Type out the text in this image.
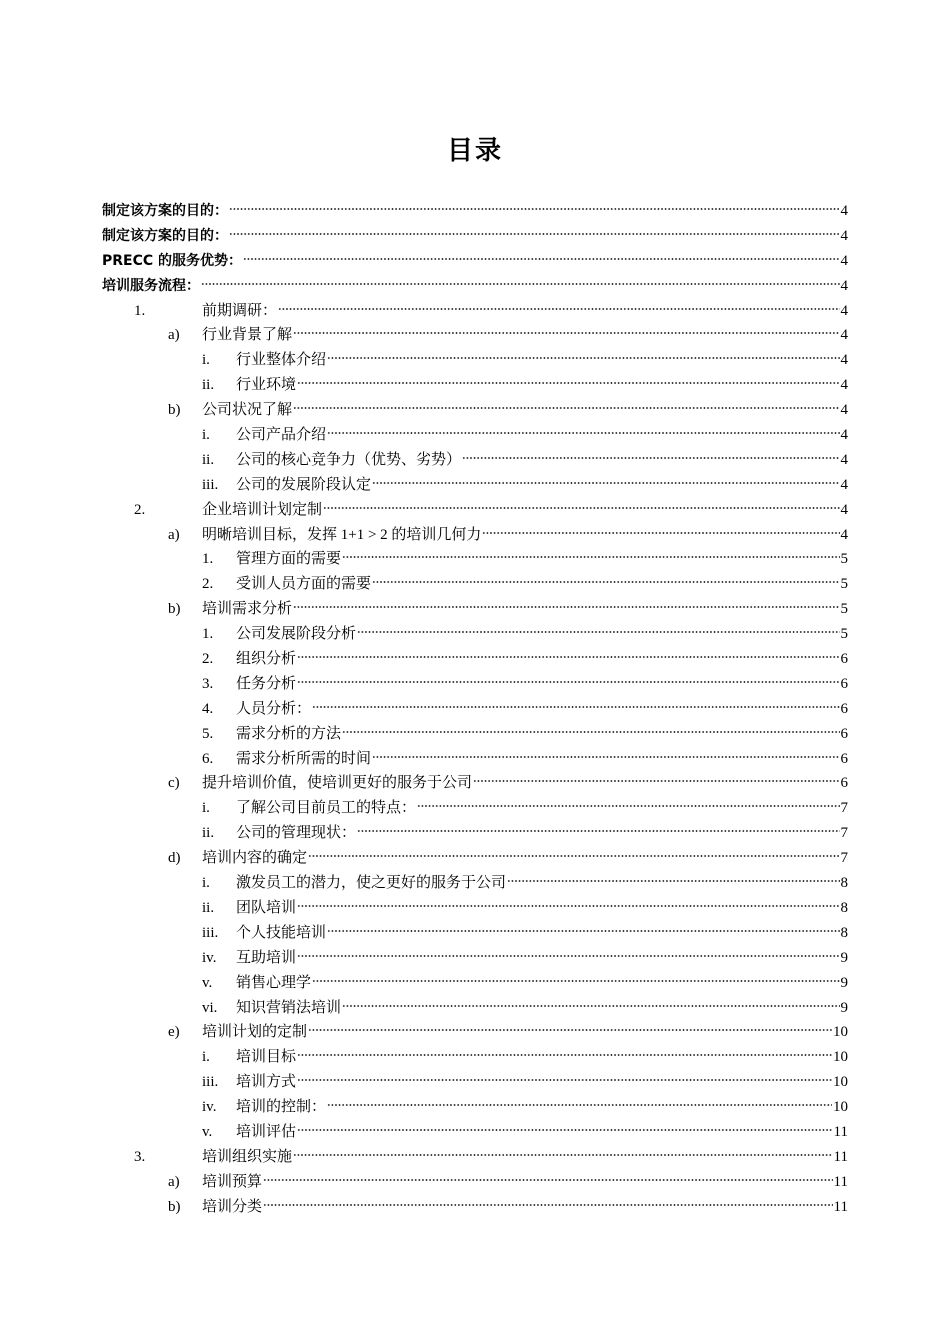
目录
制定该方案的目的：	4
制定该方案的目的：	4
PRECC 的服务优势：	4
培训服务流程：	4
1.	前期调研：	4
a)	行业背景了解	4
i.	行业整体介绍	4
ii.	行业环境	4
b)	公司状况了解	4
i.	公司产品介绍	4
ii.	公司的核心竞争力（优势、劣势）	4
iii.	公司的发展阶段认定	4
2.	企业培训计划定制	4
a)	明晰培训目标，发挥 1+1 > 2 的培训几何力	4
1.	管理方面的需要	5
2.	受训人员方面的需要	5
b)	培训需求分析	5
1.	公司发展阶段分析	5
2.	组织分析	6
3.	任务分析	6
4.	人员分析：	6
5.	需求分析的方法	6
6.	需求分析所需的时间	6
c)	提升培训价值，使培训更好的服务于公司	6
i.	了解公司目前员工的特点：	7
ii.	公司的管理现状：	7
d)	培训内容的确定	7
i.	激发员工的潜力，使之更好的服务于公司	8
ii.	团队培训	8
iii.	个人技能培训	8
iv.	互助培训	9
v.	销售心理学	9
vi.	知识营销法培训	9
e)	培训计划的定制	10
i.	培训目标	10
iii.	培训方式	10
iv.	培训的控制：	10
v.	培训评估	11
3.	培训组织实施	11
a)	培训预算	11
b)	培训分类	11
